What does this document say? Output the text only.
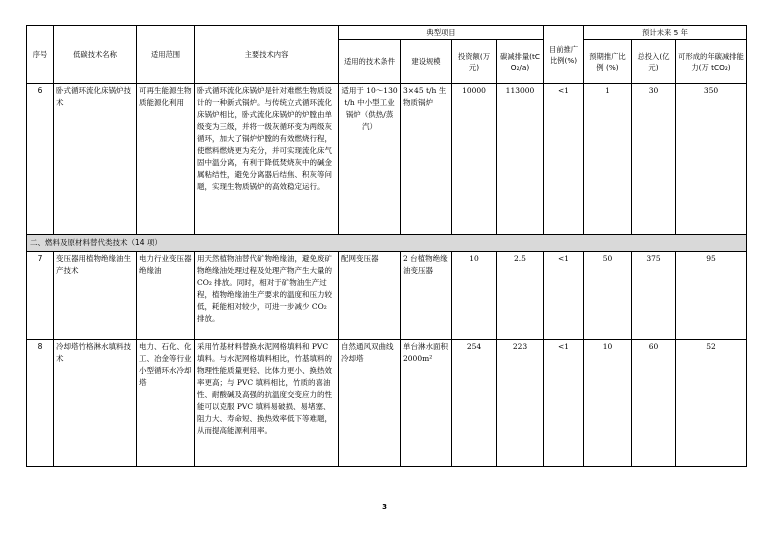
序号	低碳技术名称	适用范围	主要技术内容	典型项目				目前推广比例(%)	预计未来 5 年		
				适用的技术条件	建设规模	投资额(万元)	碳减排量(tCO₂/a)		预期推广比例 (%)	总投入(亿元)	可形成的年碳减排能力(万 tCO₂)
6	卧式循环流化床锅炉技术	可再生能源生物质能源化利用	卧式循环流化床锅炉是针对难燃生物质设计的一种新式锅炉。与传统立式循环流化床锅炉相比，卧式流化床锅炉的炉膛由单级变为三级，并将一级灰循环变为两级灰循环，加大了锅炉炉膛的有效燃烧行程，使燃料燃烧更为充分，并可实现流化床气固中温分离，有利于降低焚烧灰中的碱金属粘结性，避免分离器后结焦、积灰等问题，实现生物质锅炉的高效稳定运行。	适用于 10～130t/h 中小型工业锅炉（供热/蒸汽）	3×45 t/h 生物质锅炉	10000	113000	<1	1	30	350
二、燃料及原材料替代类技术（14 项）											
7	变压器用植物绝缘油生产技术	电力行业变压器绝缘油	用天然植物油替代矿物绝缘油，避免废矿物绝缘油处理过程及处理产物产生大量的 CO₂ 排放。同时，相对于矿物油生产过程，植物绝缘油生产要求的温度和压力较低，耗能相对较少，可进一步减少 CO₂ 排放。	配网变压器	2 台植物绝缘油变压器	10	2.5	<1	50	375	95
8	冷却塔竹格淋水填料技术	电力、石化、化工、冶金等行业小型循环水冷却塔	采用竹基材料替换水泥网格填料和 PVC 填料。与水泥网格填料相比，竹基填料的物理性能质量更轻、比体力更小、换热效率更高；与 PVC 填料相比，竹质的喜油性、耐酸碱及高强的抗温度交变应力的性能可以克服 PVC 填料易破损、易堵塞、阻力大、寿命短、换热效率低下等难题，从而提高能源利用率。	自然通风双曲线冷却塔	单台淋水面积 2000m²	254	223	<1	10	60	52
3
